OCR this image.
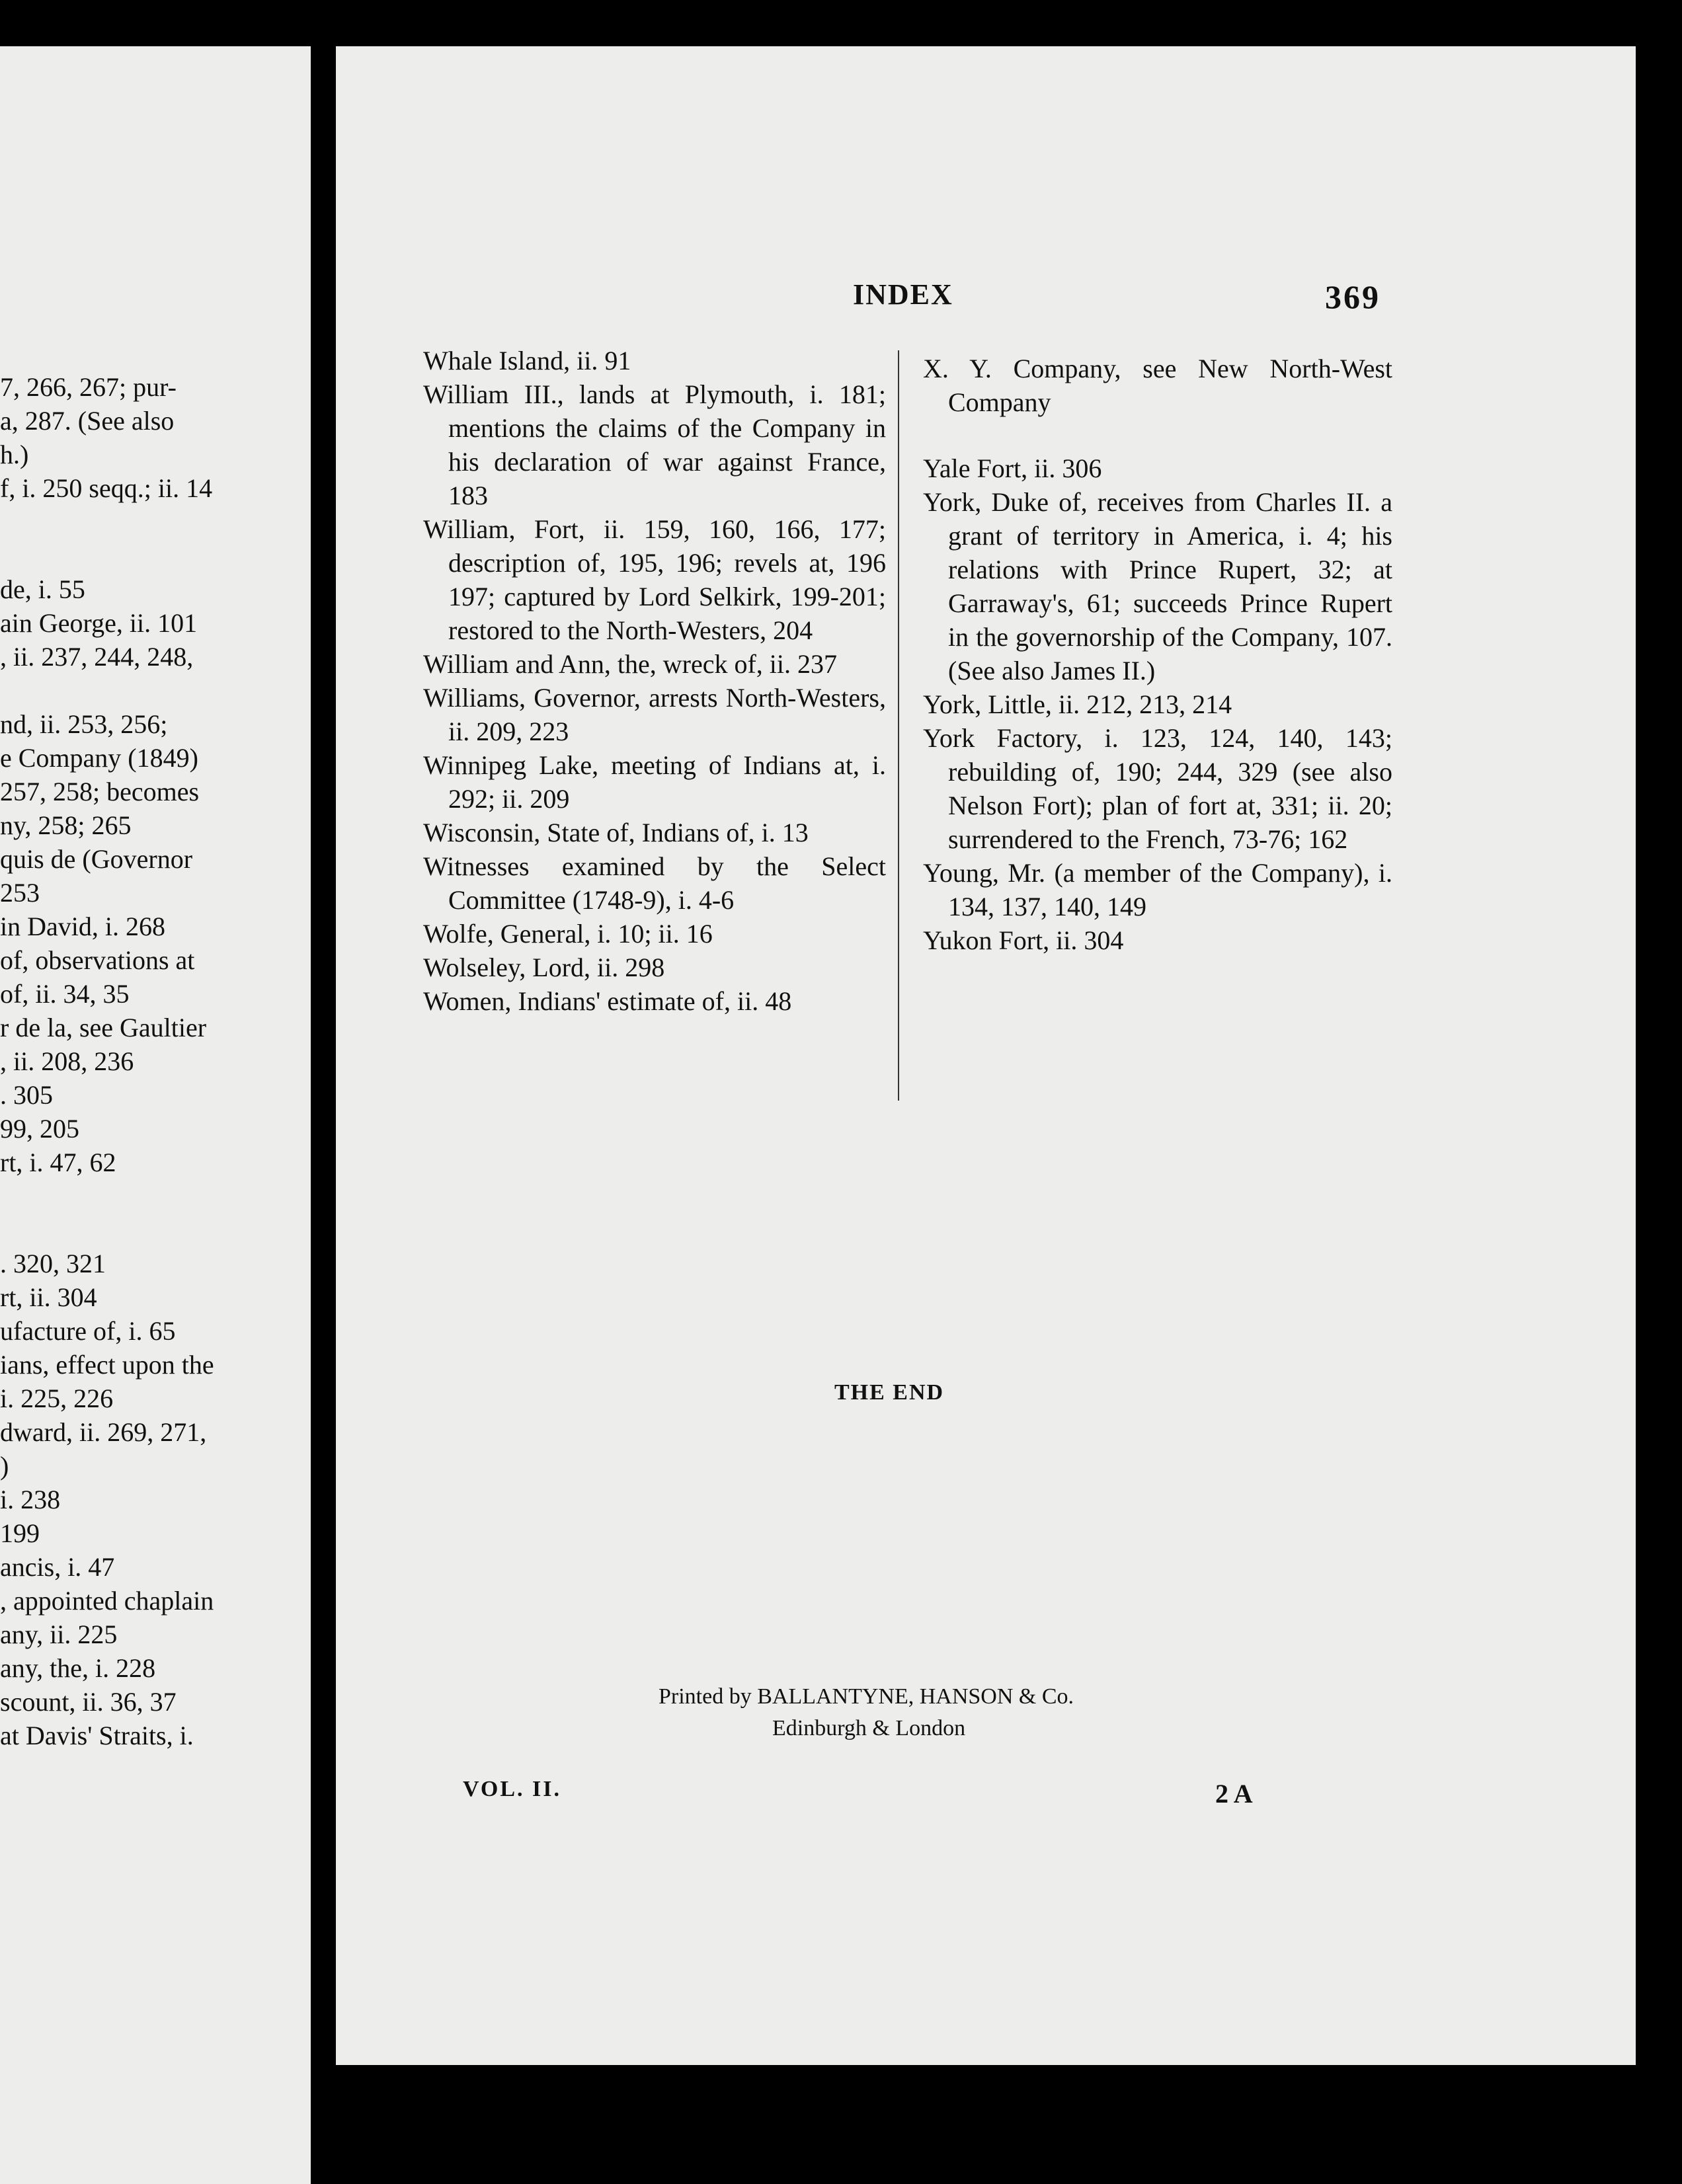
7, 266, 267; pur-
a, 287. (See also
h.)
f, i. 250 seqq.; ii. 14

de, i. 55
ain George, ii. 101
, ii. 237, 244, 248,

nd, ii. 253, 256;
e Company (1849)
257, 258; becomes
ny, 258; 265
quis de (Governor
253
in David, i. 268
of, observations at
of, ii. 34, 35
r de la, see Gaultier
, ii. 208, 236
. 305
99, 205
rt, i. 47, 62

. 320, 321
rt, ii. 304
ufacture of, i. 65
ians, effect upon the
i. 225, 226
dward, ii. 269, 271,
)
i. 238
199
ancis, i. 47
, appointed chaplain
any, ii. 225
any, the, i. 228
scount, ii. 36, 37
at Davis' Straits, i.
INDEX	369
Whale Island, ii. 91
William III., lands at Plymouth, i. 181; mentions the claims of the Company in his declaration of war against France, 183
William, Fort, ii. 159, 160, 166, 177; description of, 195, 196; revels at, 196 197; captured by Lord Selkirk, 199-201; restored to the North-Westers, 204
William and Ann, the, wreck of, ii. 237
Williams, Governor, arrests North-Westers, ii. 209, 223
Winnipeg Lake, meeting of Indians at, i. 292; ii. 209
Wisconsin, State of, Indians of, i. 13
Witnesses examined by the Select Committee (1748-9), i. 4-6
Wolfe, General, i. 10; ii. 16
Wolseley, Lord, ii. 298
Women, Indians' estimate of, ii. 48
X. Y. Company, see New North-West Company

Yale Fort, ii. 306
York, Duke of, receives from Charles II. a grant of territory in America, i. 4; his relations with Prince Rupert, 32; at Garraway's, 61; succeeds Prince Rupert in the governorship of the Company, 107. (See also James II.)
York, Little, ii. 212, 213, 214
York Factory, i. 123, 124, 140, 143; rebuilding of, 190; 244, 329 (see also Nelson Fort); plan of fort at, 331; ii. 20; surrendered to the French, 73-76; 162
Young, Mr. (a member of the Company), i. 134, 137, 140, 149
Yukon Fort, ii. 304
THE END
Printed by BALLANTYNE, HANSON & Co.
Edinburgh & London
VOL. II.	2 A
